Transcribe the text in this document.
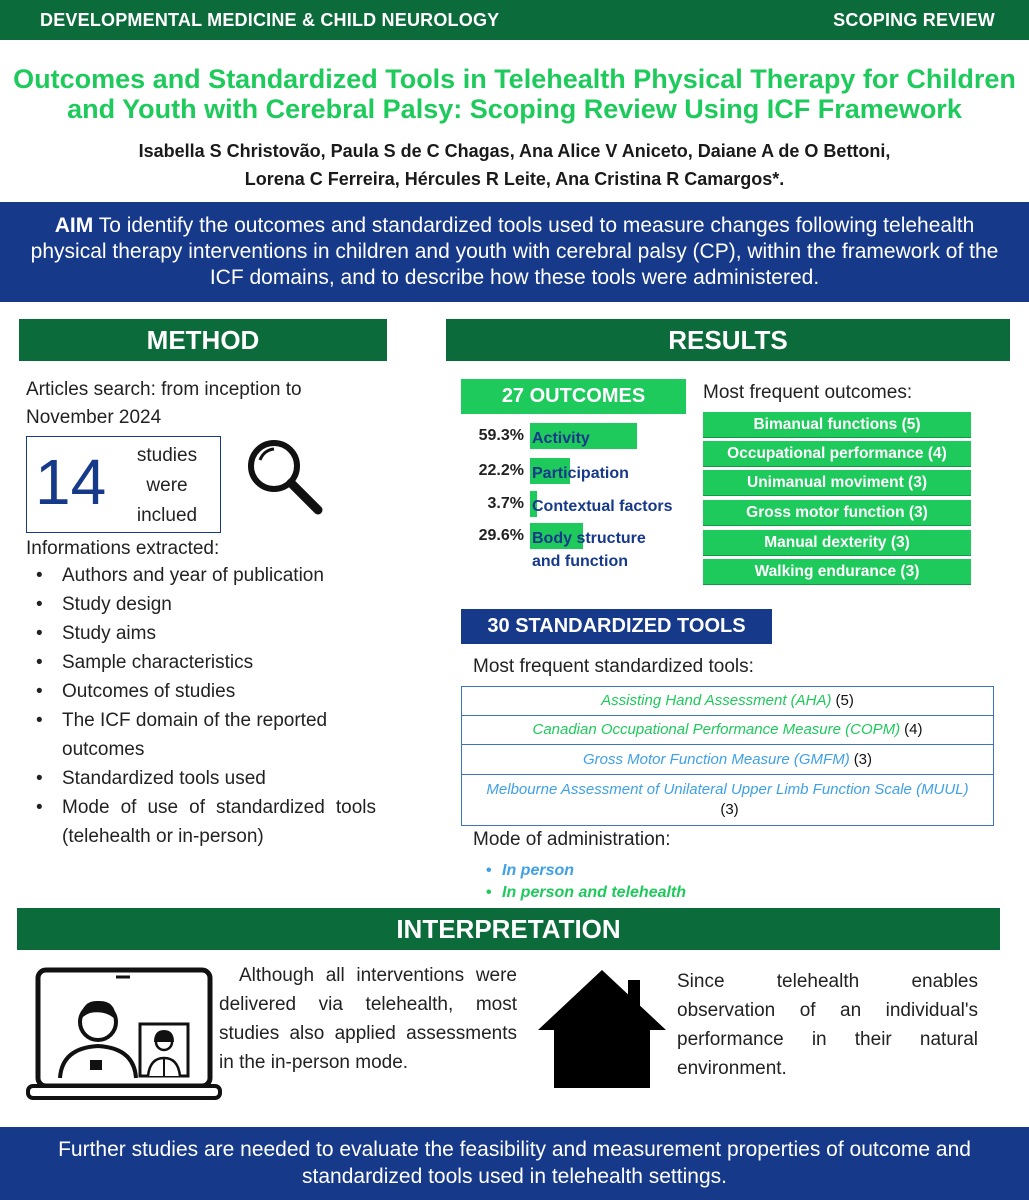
DEVELOPMENTAL MEDICINE & CHILD NEUROLOGY	SCOPING REVIEW
Outcomes and Standardized Tools in Telehealth Physical Therapy for Children
and Youth with Cerebral Palsy: Scoping Review Using ICF Framework
Isabella S Christovão, Paula S de C Chagas, Ana Alice V Aniceto, Daiane A de O Bettoni,
Lorena C Ferreira, Hércules R Leite, Ana Cristina R Camargos*.
AIM To identify the outcomes and standardized tools used to measure changes following telehealth physical therapy interventions in children and youth with cerebral palsy (CP), within the framework of the ICF domains, and to describe how these tools were administered.
METHOD
Articles search: from inception to
November 2024
14	studies
were
inclued
Informations extracted:
• Authors and year of publication
• Study design
• Study aims
• Sample characteristics
• Outcomes of studies
• The ICF domain of the reported outcomes
• Standardized tools used
• Mode of use of standardized tools (telehealth or in-person)
RESULTS
27 OUTCOMES
59.3% Activity
22.2% Participation
3.7% Contextual factors
29.6% Body structure and function
Most frequent outcomes:
Bimanual functions (5)
Occupational performance (4)
Unimanual moviment (3)
Gross motor function (3)
Manual dexterity (3)
Walking endurance (3)
30 STANDARDIZED TOOLS
Most frequent standardized tools:
Assisting Hand Assessment (AHA) (5)
Canadian Occupational Performance Measure (COPM) (4)
Gross Motor Function Measure (GMFM) (3)
Melbourne Assessment of Unilateral Upper Limb Function Scale (MUUL)(3)
Mode of administration:
• In person
• In person and telehealth
INTERPRETATION
Although all interventions were delivered via telehealth, most studies also applied assessments in the in-person mode.
Since telehealth enables observation of an individual's performance in their natural environment.
Further studies are needed to evaluate the feasibility and measurement properties of outcome and standardized tools used in telehealth settings.
